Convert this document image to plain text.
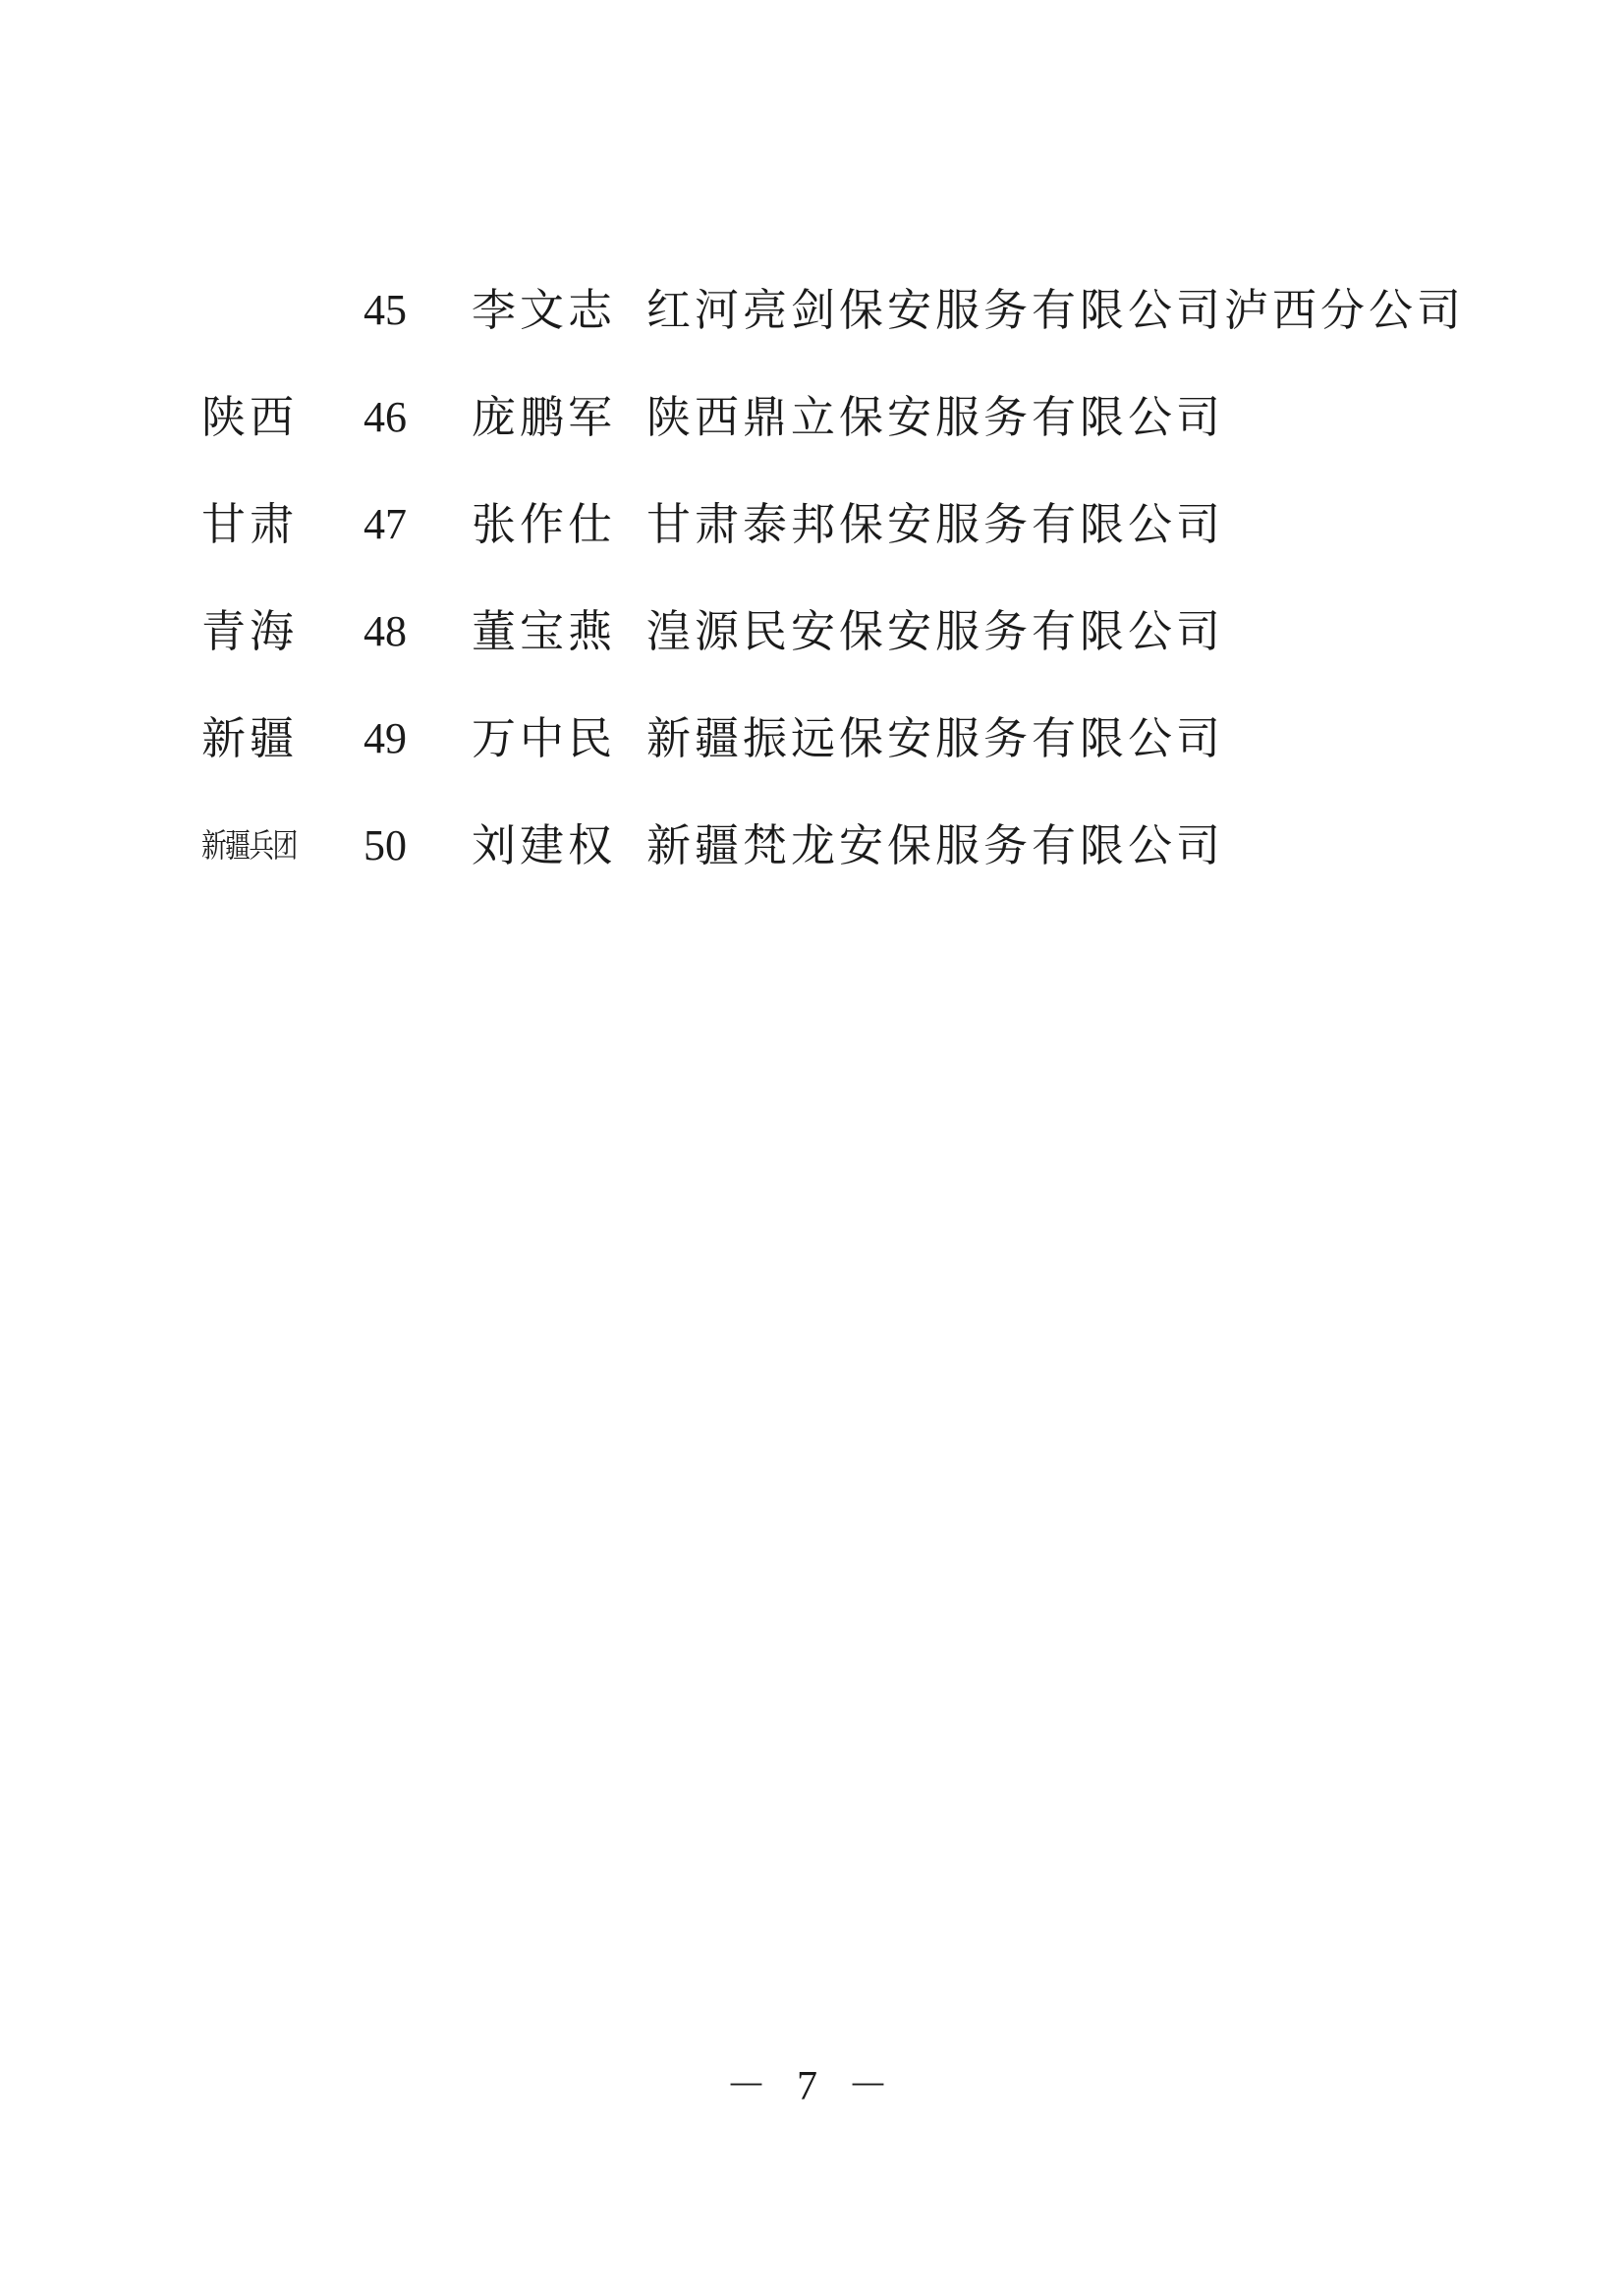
45	李文志 红河亮剑保安服务有限公司泸西分公司
陕西 46	庞鹏军 陕西鼎立保安服务有限公司
甘肃 47	张作仕 甘肃泰邦保安服务有限公司
青海 48	董宝燕 湟源民安保安服务有限公司
新疆 49	万中民 新疆振远保安服务有限公司
新疆兵团 50	刘建权 新疆梵龙安保服务有限公司
－ 7 －
